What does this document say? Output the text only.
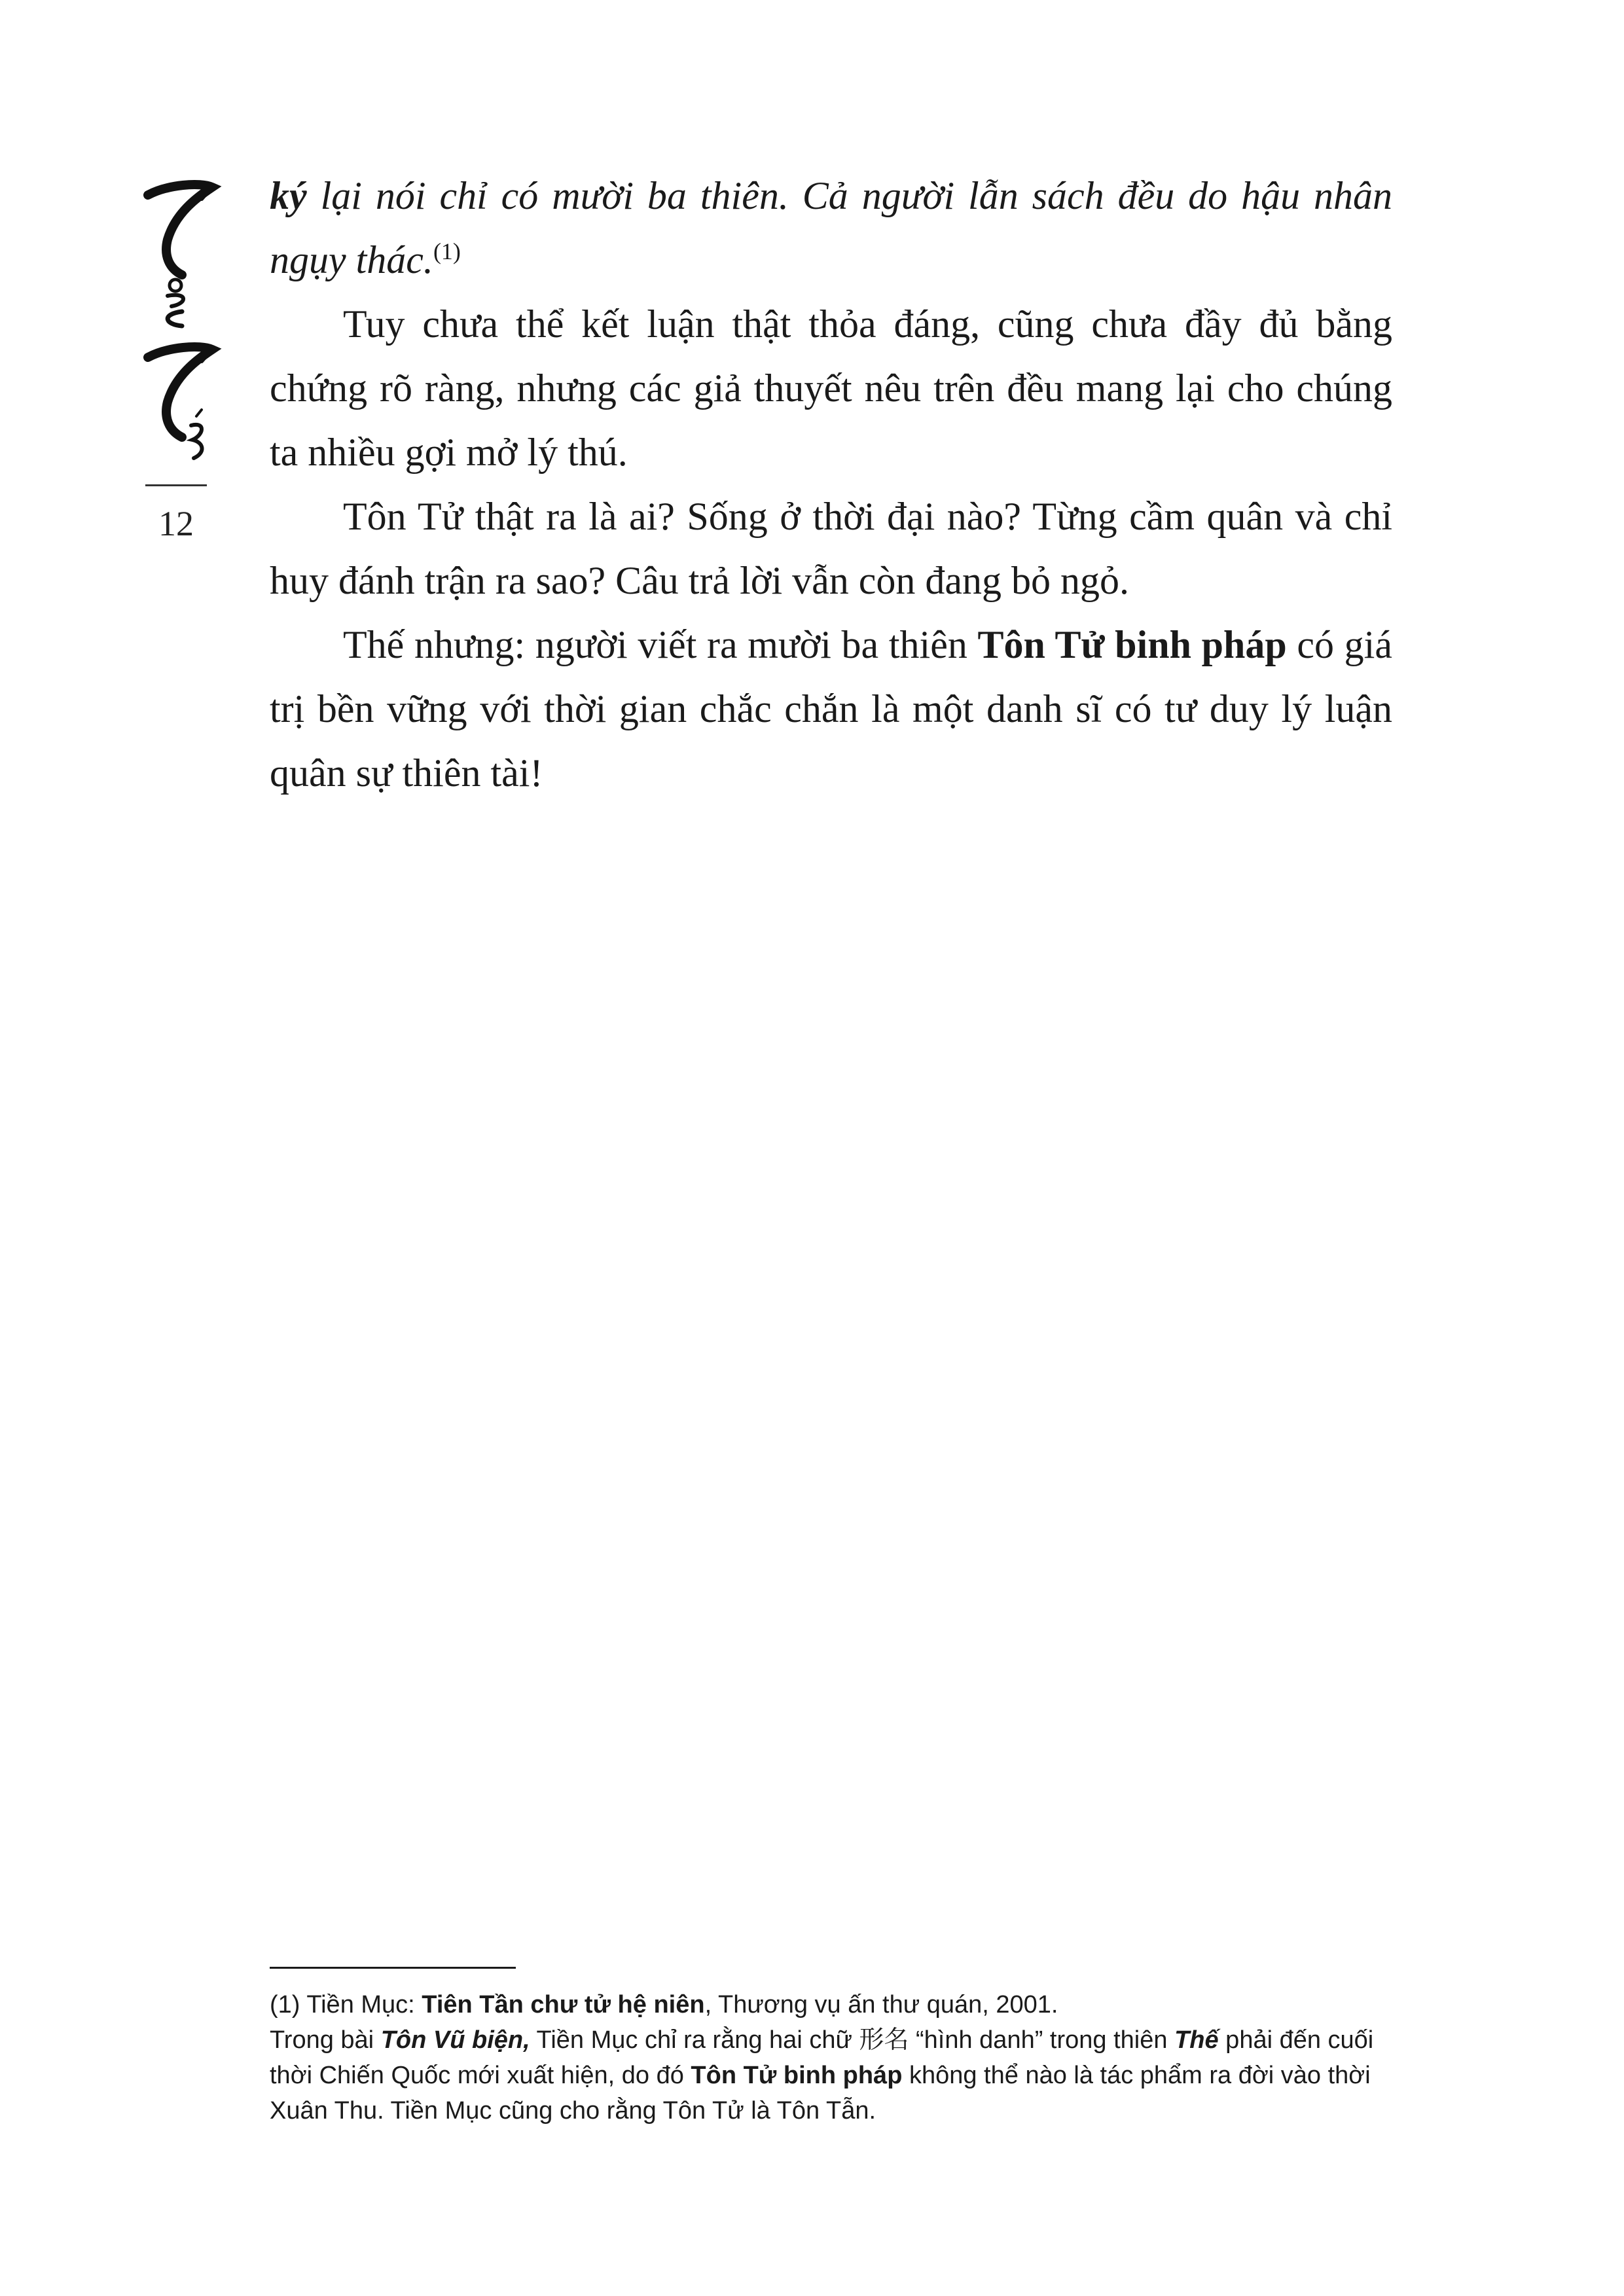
12

ký lại nói chỉ có mười ba thiên. Cả người lẫn sách đều do hậu nhân ngụy thác.$^{(1)}$

Tuy chưa thể kết luận thật thỏa đáng, cũng chưa đầy đủ bằng chứng rõ ràng, nhưng các giả thuyết nêu trên đều mang lại cho chúng ta nhiều gợi mở lý thú.

Tôn Tử thật ra là ai? Sống ở thời đại nào? Từng cầm quân và chỉ huy đánh trận ra sao? Câu trả lời vẫn còn đang bỏ ngỏ.

Thế nhưng: người viết ra mười ba thiên Tôn Tử binh pháp có giá trị bền vững với thời gian chắc chắn là một danh sĩ có tư duy lý luận quân sự thiên tài!

(1) Tiền Mục: Tiên Tần chư tử hệ niên, Thương vụ ấn thư quán, 2001.

Trong bài Tôn Vũ biện, Tiền Mục chỉ ra rằng hai chữ 形名 “hình danh” trong thiên Thế phải đến cuối thời Chiến Quốc mới xuất hiện, do đó Tôn Tử binh pháp không thể nào là tác phẩm ra đời vào thời Xuân Thu. Tiền Mục cũng cho rằng Tôn Tử là Tôn Tẫn.
